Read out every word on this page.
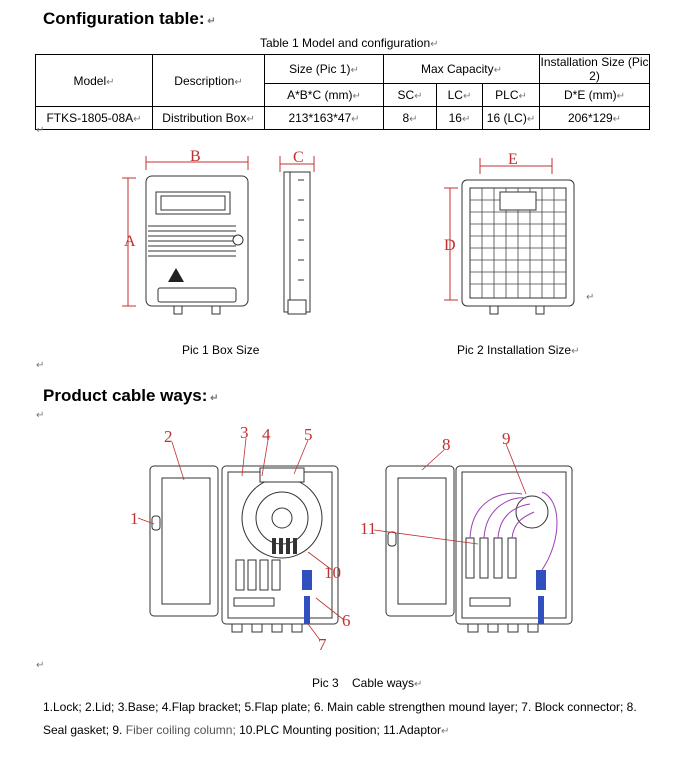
Configuration table: ↵
Table 1 Model and configuration↵
Model↵	Description↵	Size (Pic 1)↵	Max Capacity↵			Installation Size (Pic 2)
		A*B*C (mm)↵	SC↵	LC↵	PLC↵	D*E (mm)↵
FTKS-1805-08A↵	Distribution Box↵	213*163*47↵	8↵	16↵	16 (LC)↵	206*129↵
↵
B
A
C	E
D
↵
Pic 1 Box Size	Pic 2 Installation Size↵
↵
Product cable ways: ↵
↵
1
2	3 4 5
6
7
8	9
10
11
↵
Pic 3    Cable ways↵
1.Lock; 2.Lid; 3.Base; 4.Flap bracket; 5.Flap plate; 6. Main cable strengthen mound layer; 7. Block connector; 8.
Seal gasket; 9. Fiber coiling column; 10.PLC Mounting position; 11.Adaptor↵
